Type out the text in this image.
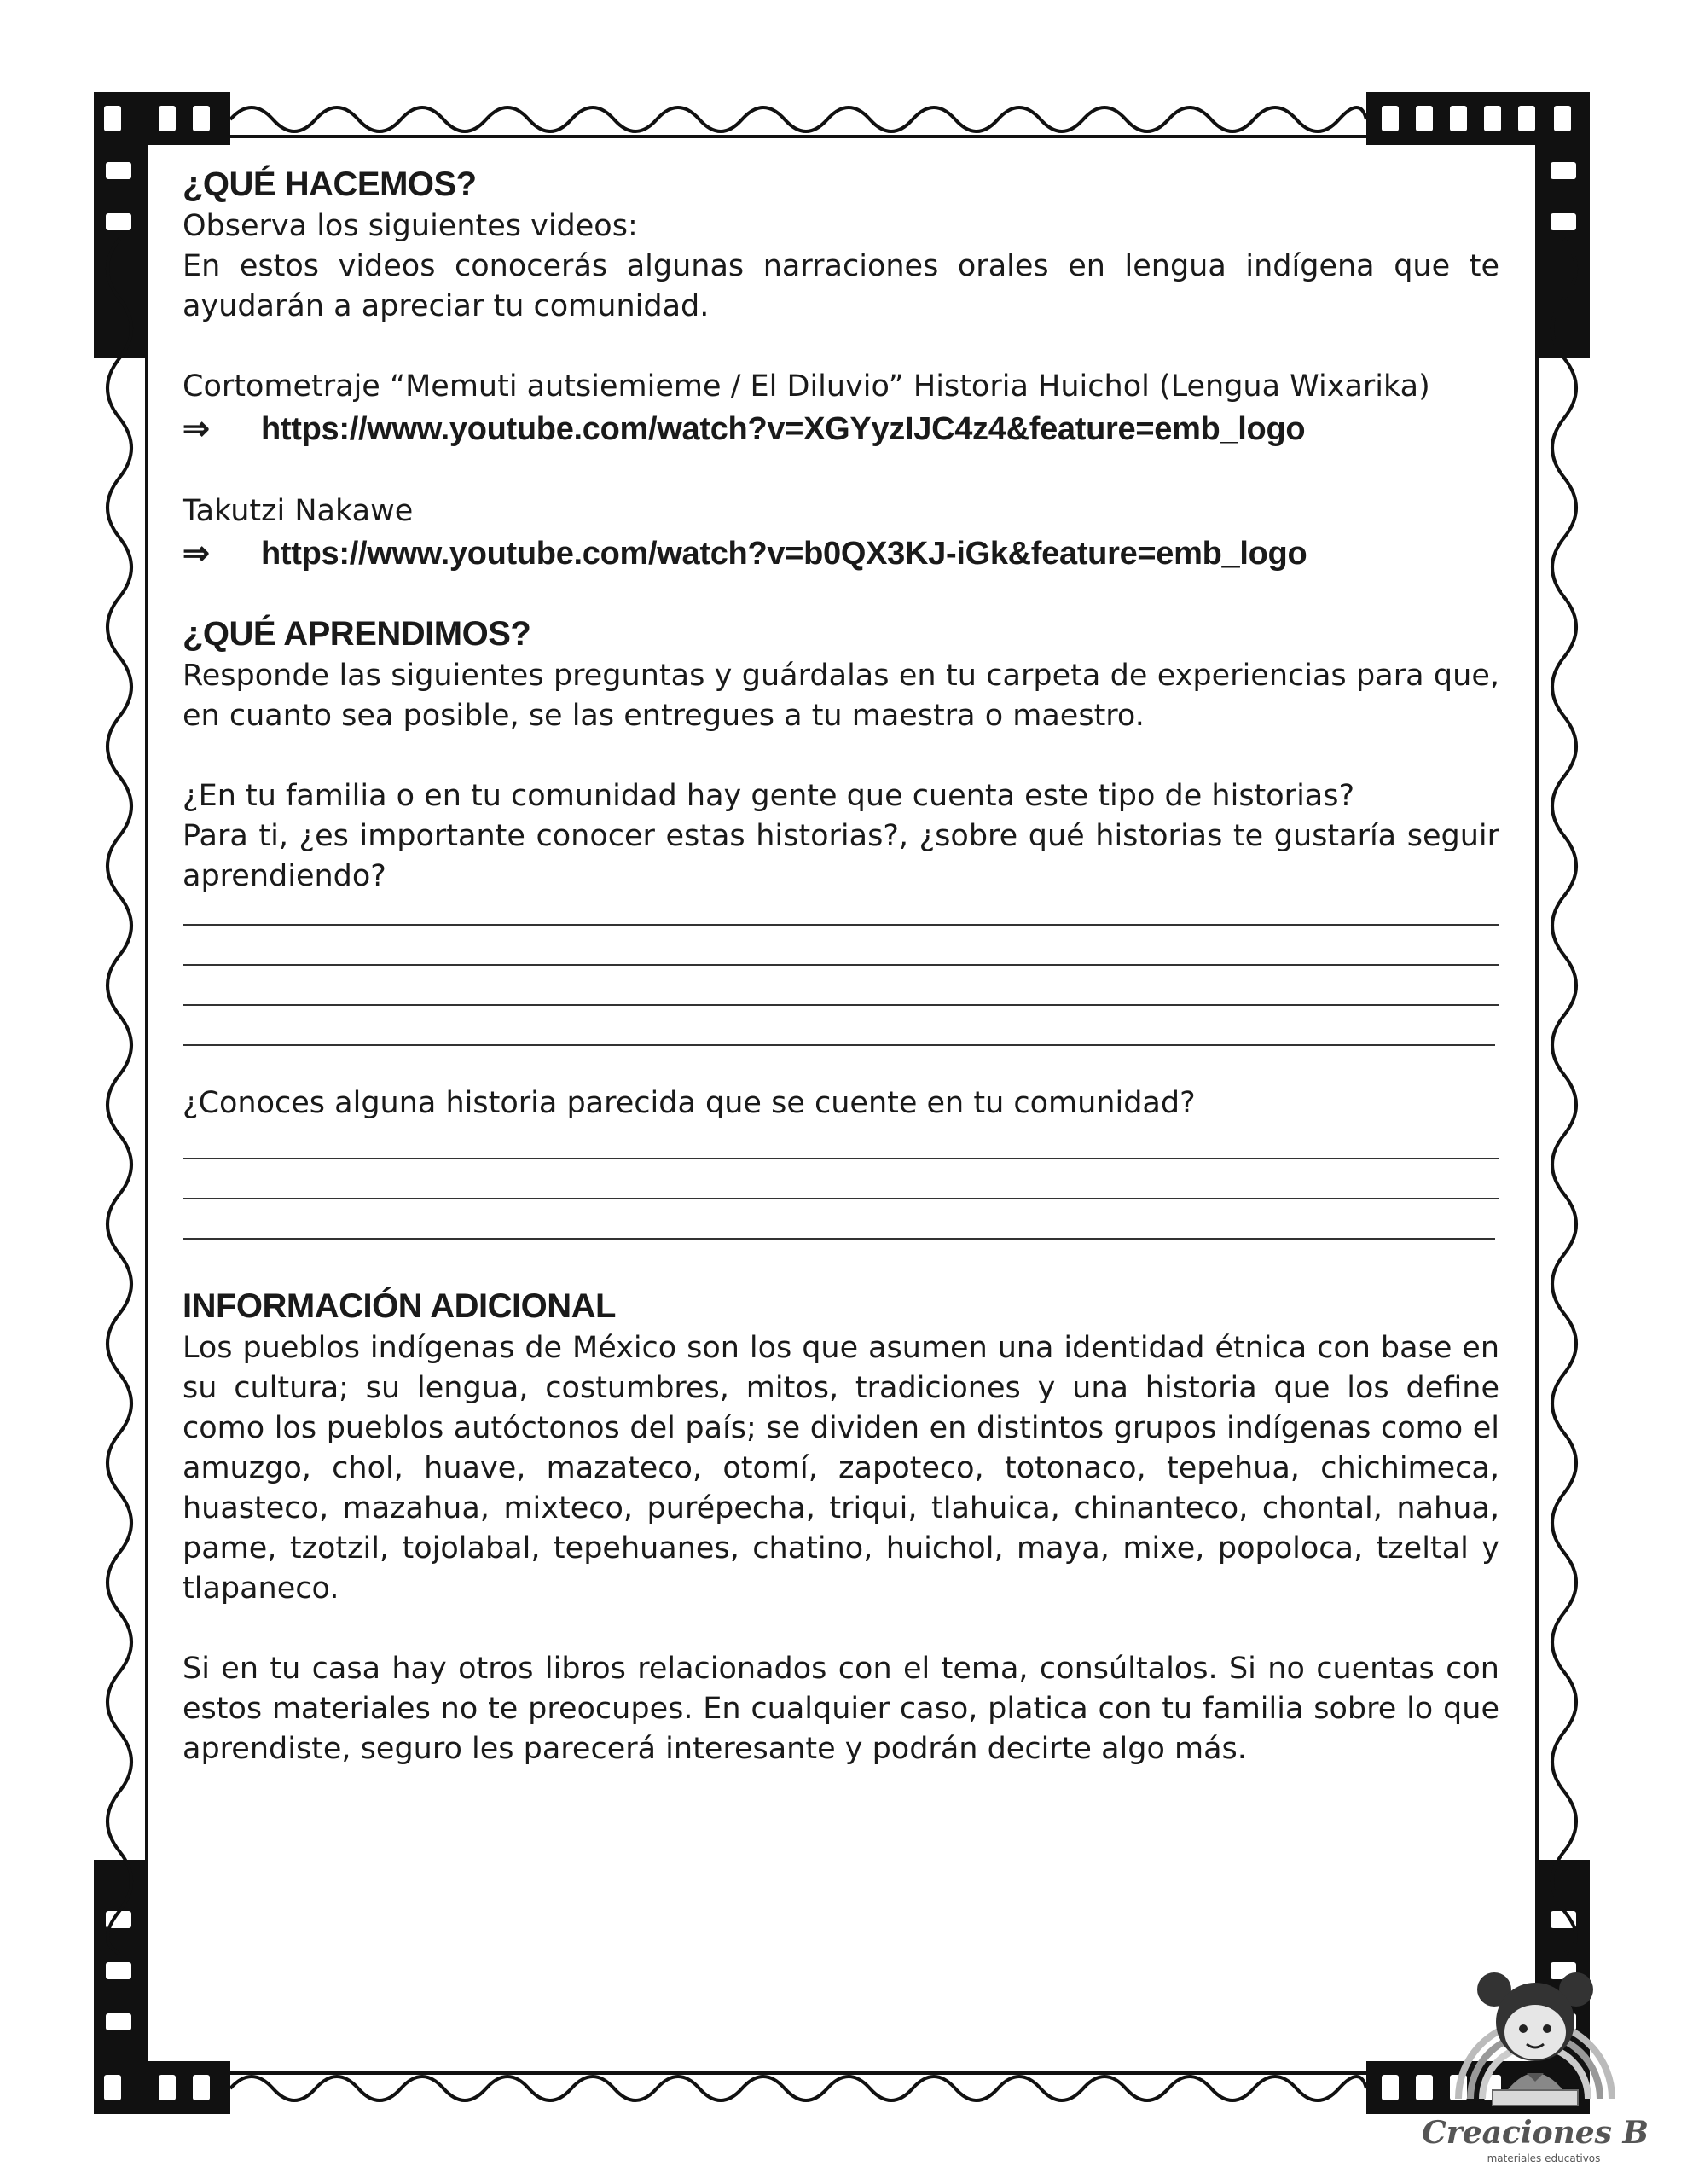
¿QUÉ HACEMOS?

Observa los siguientes videos:

En estos videos conocerás algunas narraciones orales en lengua indígena que te ayudarán a apreciar tu comunidad.

Cortometraje “Memuti autsiemieme / El Diluvio” Historia Huichol (Lengua Wixarika)

⇒	https://www.youtube.com/watch?v=XGYyzIJC4z4&feature=emb_logo

Takutzi Nakawe

⇒	https://www.youtube.com/watch?v=b0QX3KJ-iGk&feature=emb_logo
¿QUÉ APRENDIMOS?

Responde las siguientes preguntas y guárdalas en tu carpeta de experiencias para que, en cuanto sea posible, se las entregues a tu maestra o maestro.

¿En tu familia o en tu comunidad hay gente que cuenta este tipo de historias?

Para ti, ¿es importante conocer estas historias?, ¿sobre qué historias te gustaría seguir aprendiendo?

¿Conoces alguna historia parecida que se cuente en tu comunidad?

INFORMACIÓN ADICIONAL

Los pueblos indígenas de México son los que asumen una identidad étnica con base en su cultura; su lengua, costumbres, mitos, tradiciones y una historia que los define como los pueblos autóctonos del país; se dividen en distintos grupos indígenas como el amuzgo, chol, huave, mazateco, otomí, zapoteco, totonaco, tepehua, chichimeca, huasteco, mazahua, mixteco, purépecha, triqui, tlahuica, chinanteco, chontal, nahua, pame, tzotzil, tojolabal, tepehuanes, chatino, huichol, maya, mixe, popoloca, tzeltal y tlapaneco.

Si en tu casa hay otros libros relacionados con el tema, consúltalos. Si no cuentas con estos materiales no te preocupes. En cualquier caso, platica con tu familia sobre lo que aprendiste, seguro les parecerá interesante y podrán decirte algo más.

Creaciones B
materiales educativos
